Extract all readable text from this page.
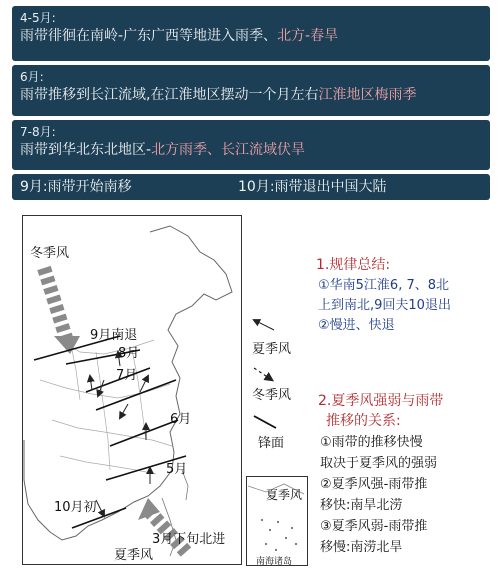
4-5月:
雨带徘徊在南岭-广东广西等地进入雨季、北方-春旱
6月:
雨带推移到长江流域,在江淮地区摆动一个月左右江淮地区梅雨季
7-8月:
雨带到华北东北地区-北方雨季、长江流域伏旱
9月:雨带开始南移	10月:雨带退出中国大陆
冬季风
9月南退
8月
7月
6月
5月
10月初
3月下旬北进
夏季风
夏季风
南海诸岛
夏季风
冬季风
锋面
1.规律总结:
①华南5江淮6, 7、8北
上到南北,9回夫10退出
②慢进、快退
2.夏季风强弱与雨带
推移的关系:
①雨带的推移快慢
取决于夏季风的强弱
②夏季风强-雨带推
移快:南旱北涝
③夏季风弱-雨带推
移慢:南涝北旱
